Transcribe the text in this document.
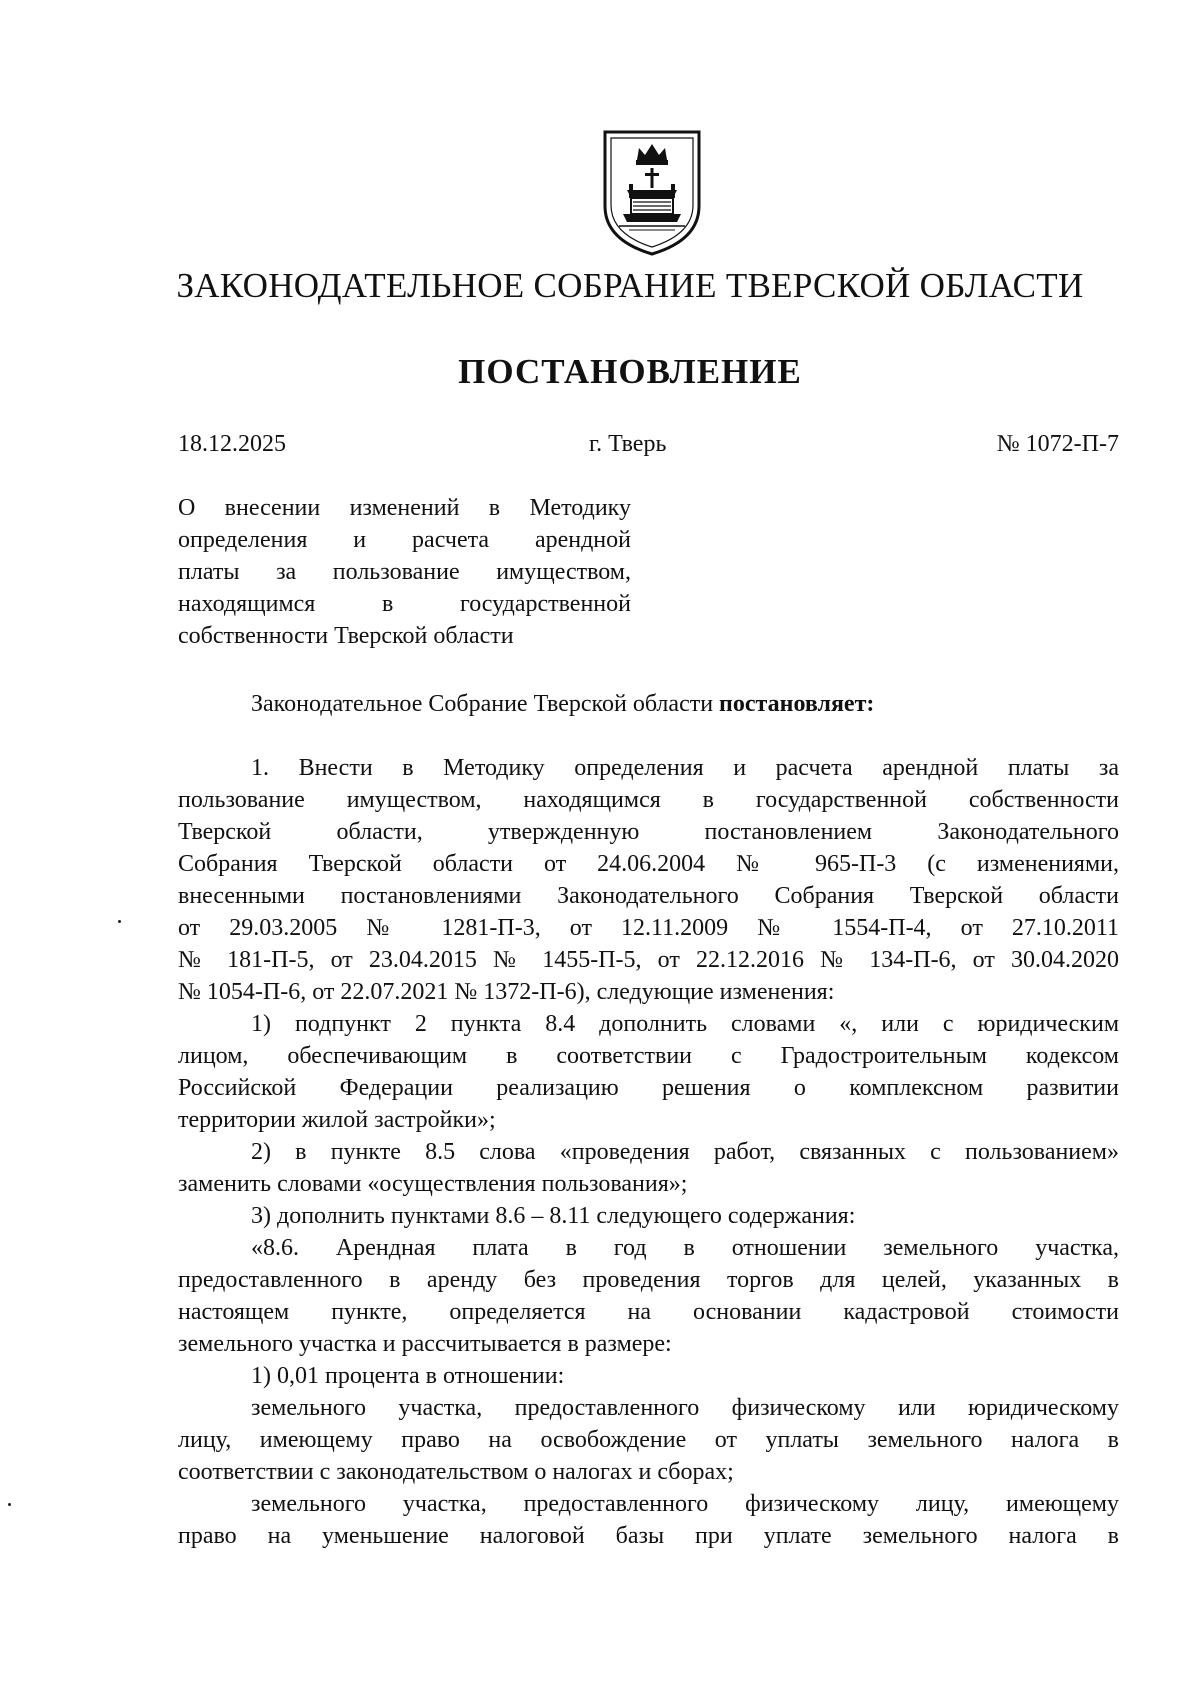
ЗАКОНОДАТЕЛЬНОЕ СОБРАНИЕ ТВЕРСКОЙ ОБЛАСТИ
ПОСТАНОВЛЕНИЕ
18.12.2025	г. Тверь	№ 1072-П-7
О внесении изменений в Методику
определения и расчета арендной
платы за пользование имуществом,
находящимся в государственной
собственности Тверской области
Законодательное Собрание Тверской области постановляет:
1. Внести в Методику определения и расчета арендной платы за
пользование имуществом, находящимся в государственной собственности
Тверской области, утвержденную постановлением Законодательного
Собрания Тверской области от 24.06.2004 № 965-П-3 (с изменениями,
внесенными постановлениями Законодательного Собрания Тверской области
от 29.03.2005 № 1281-П-3, от 12.11.2009 № 1554-П-4, от 27.10.2011
№ 181-П-5, от 23.04.2015 № 1455-П-5, от 22.12.2016 № 134-П-6, от 30.04.2020
№ 1054-П-6, от 22.07.2021 № 1372-П-6), следующие изменения:
1) подпункт 2 пункта 8.4 дополнить словами «, или с юридическим
лицом, обеспечивающим в соответствии с Градостроительным кодексом
Российской Федерации реализацию решения о комплексном развитии
территории жилой застройки»;
2) в пункте 8.5 слова «проведения работ, связанных с пользованием»
заменить словами «осуществления пользования»;
3) дополнить пунктами 8.6 – 8.11 следующего содержания:
«8.6. Арендная плата в год в отношении земельного участка,
предоставленного в аренду без проведения торгов для целей, указанных в
настоящем пункте, определяется на основании кадастровой стоимости
земельного участка и рассчитывается в размере:
1) 0,01 процента в отношении:
земельного участка, предоставленного физическому или юридическому
лицу, имеющему право на освобождение от уплаты земельного налога в
соответствии с законодательством о налогах и сборах;
земельного участка, предоставленного физическому лицу, имеющему
право на уменьшение налоговой базы при уплате земельного налога в
